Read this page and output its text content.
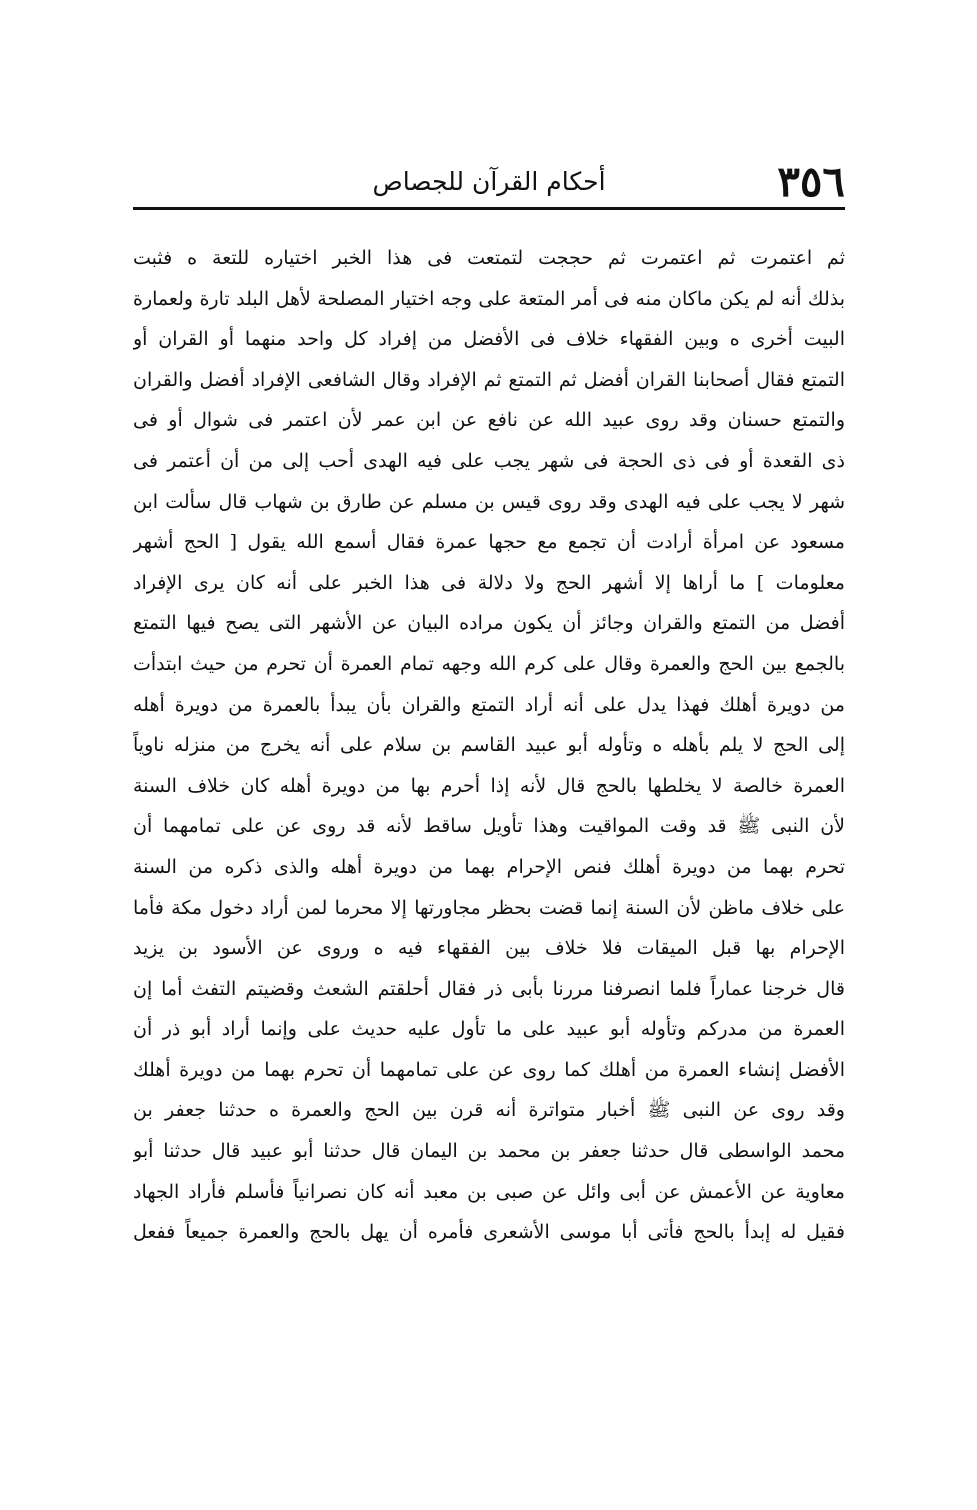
٣٥٦
أحكام القرآن للجصاص
ثم اعتمرت ثم اعتمرت ثم حججت لتمتعت فى هذا الخبر اختياره للتعة ه فثبت
بذلك أنه لم يكن ماكان منه فى أمر المتعة على وجه اختيار المصلحة لأهل البلد تارة ولعمارة
البيت أخرى ه وبين الفقهاء خلاف فى الأفضل من إفراد كل واحد منهما أو القران أو
التمتع فقال أصحابنا القران أفضل ثم التمتع ثم الإفراد وقال الشافعى الإفراد أفضل والقران
والتمتع حسنان وقد روى عبيد الله عن نافع عن ابن عمر لأن اعتمر فى شوال أو فى
ذى القعدة أو فى ذى الحجة فى شهر يجب على فيه الهدى أحب إلى من أن أعتمر فى
شهر لا يجب على فيه الهدى وقد روى قيس بن مسلم عن طارق بن شهاب قال سألت ابن
مسعود عن امرأة أرادت أن تجمع مع حجها عمرة فقال أسمع الله يقول [ الحج أشهر
معلومات ] ما أراها إلا أشهر الحج ولا دلالة فى هذا الخبر على أنه كان يرى الإفراد
أفضل من التمتع والقران وجائز أن يكون مراده البيان عن الأشهر التى يصح فيها التمتع
بالجمع بين الحج والعمرة وقال على كرم الله وجهه تمام العمرة أن تحرم من حيث ابتدأت
من دويرة أهلك فهذا يدل على أنه أراد التمتع والقران بأن يبدأ بالعمرة من دويرة أهله
إلى الحج لا يلم بأهله ه وتأوله أبو عبيد القاسم بن سلام على أنه يخرج من منزله ناوياً
العمرة خالصة لا يخلطها بالحج قال لأنه إذا أحرم بها من دويرة أهله كان خلاف السنة
لأن النبى ﷺ قد وقت المواقيت وهذا تأويل ساقط لأنه قد روى عن على تمامهما أن
تحرم بهما من دويرة أهلك فنص الإحرام بهما من دويرة أهله والذى ذكره من السنة
على خلاف ماظن لأن السنة إنما قضت بحظر مجاورتها إلا محرما لمن أراد دخول مكة فأما
الإحرام بها قبل الميقات فلا خلاف بين الفقهاء فيه ه وروى عن الأسود بن يزيد
قال خرجنا عماراً فلما انصرفنا مررنا بأبى ذر فقال أحلقتم الشعث وقضيتم التفث أما إن
العمرة من مدركم وتأوله أبو عبيد على ما تأول عليه حديث على وإنما أراد أبو ذر أن
الأفضل إنشاء العمرة من أهلك كما روى عن على تمامهما أن تحرم بهما من دويرة أهلك
وقد روى عن النبى ﷺ أخبار متواترة أنه قرن بين الحج والعمرة ه حدثنا جعفر بن
محمد الواسطى قال حدثنا جعفر بن محمد بن اليمان قال حدثنا أبو عبيد قال حدثنا أبو
معاوية عن الأعمش عن أبى وائل عن صبى بن معبد أنه كان نصرانياً فأسلم فأراد الجهاد
فقيل له إبدأ بالحج فأتى أبا موسى الأشعرى فأمره أن يهل بالحج والعمرة جميعاً ففعل
